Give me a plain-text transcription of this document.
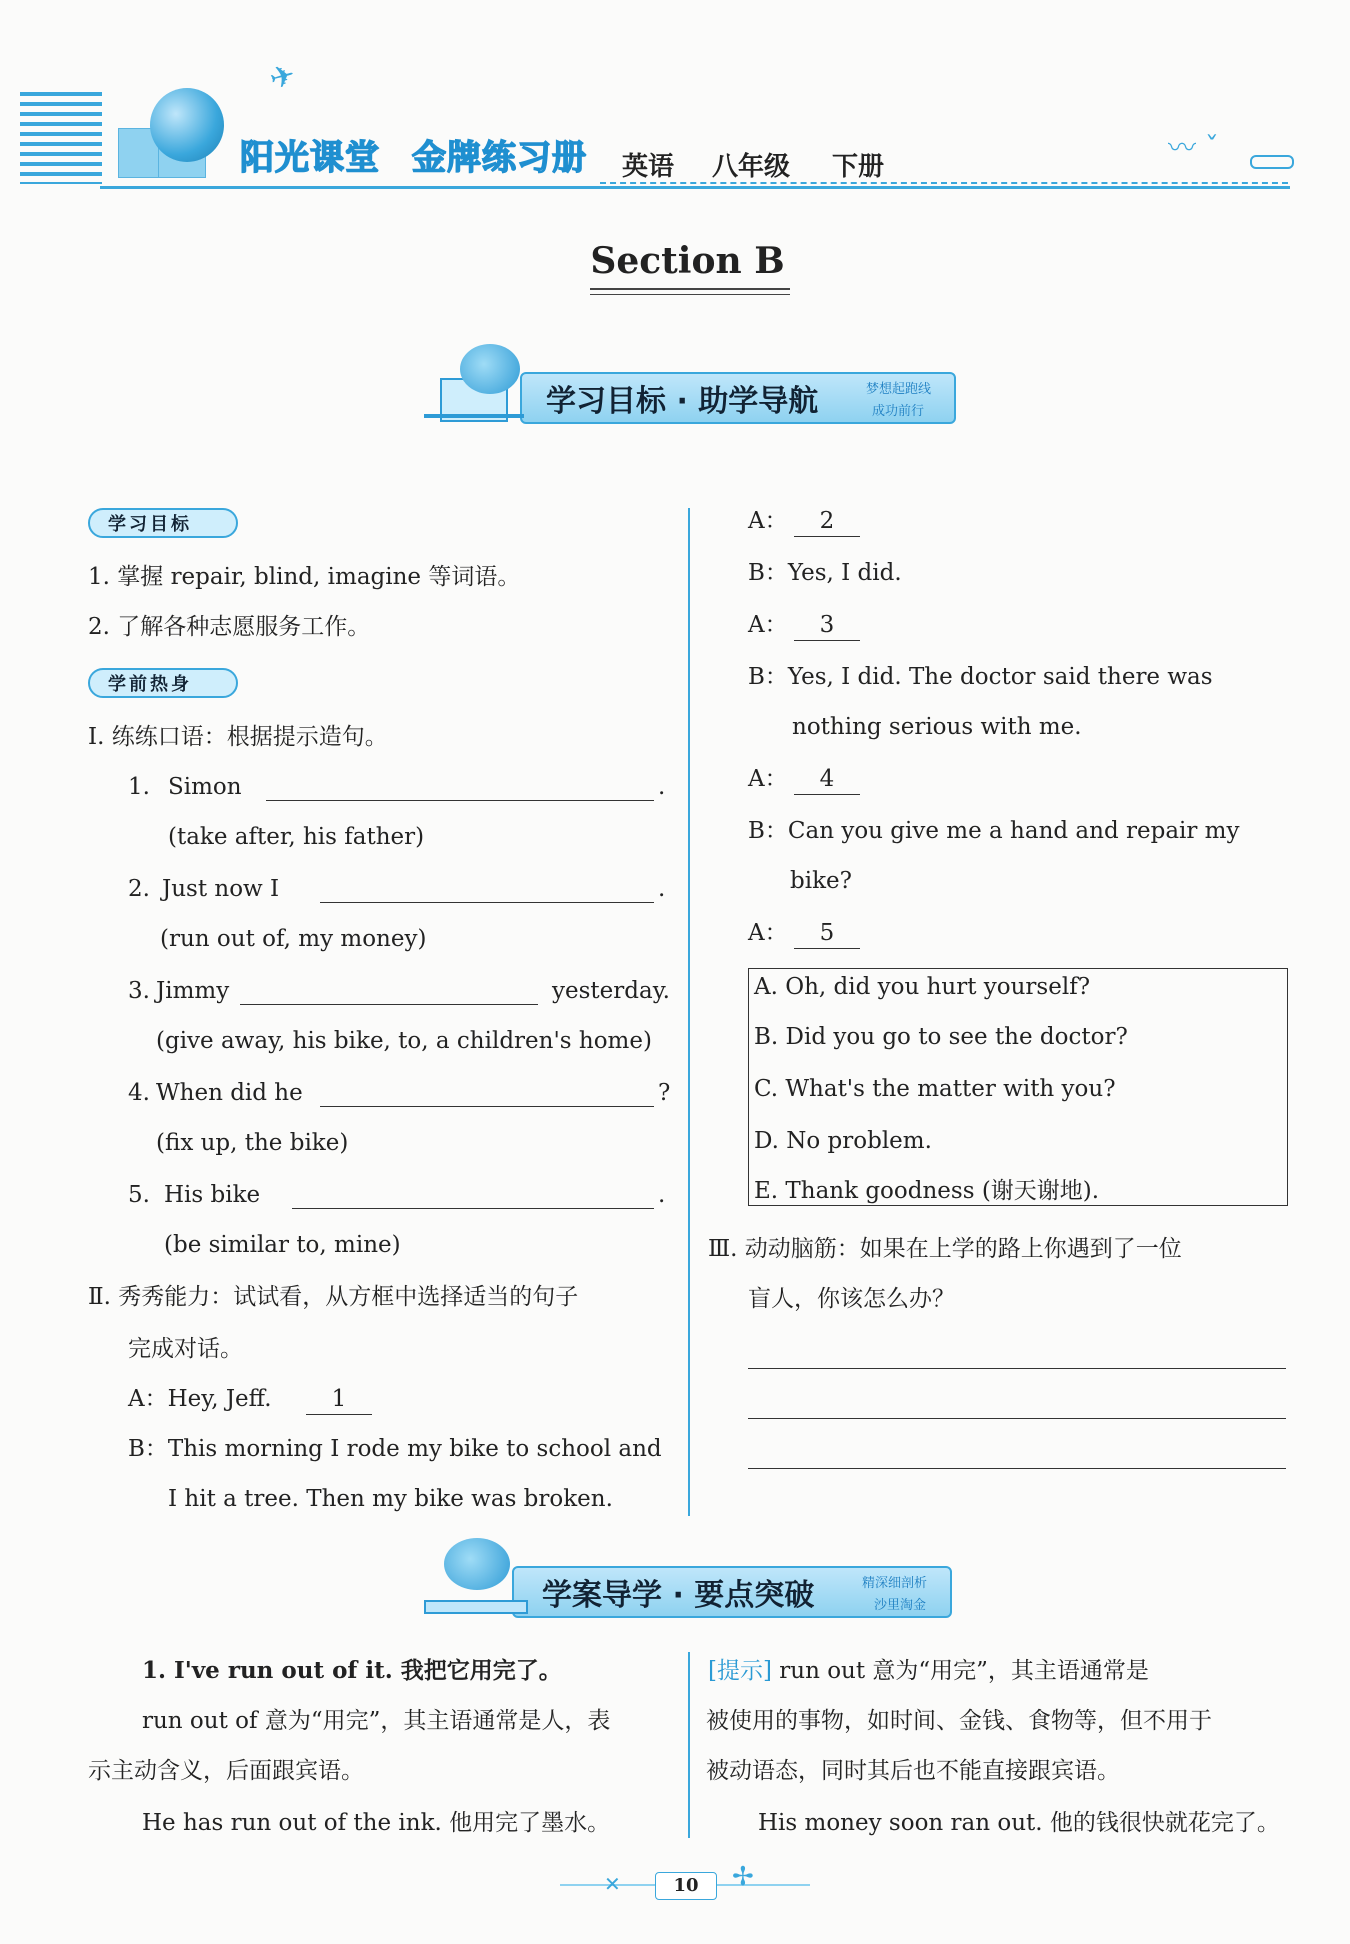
✈
阳光课堂 金牌练习册 英语 八年级 下册
〰 ˇ
Section B
学习目标 · 助学导航	梦想起跑线
成功前行
学习目标
1. 掌握 repair, blind, imagine 等词语。
2. 了解各种志愿服务工作。
学前热身
Ⅰ. 练练口语：根据提示造句。
1. Simon	.
(take after, his father)
2. Just now I	.
(run out of, my money)
3. Jimmy	yesterday.
(give away, his bike, to, a children's home)
4. When did he	?
(fix up, the bike)
5. His bike	.
(be similar to, mine)
Ⅱ. 秀秀能力：试试看，从方框中选择适当的句子
完成对话。
A：Hey, Jeff.	1
B：This morning I rode my bike to school and
I hit a tree. Then my bike was broken.
A：	2
B：Yes, I did.
A：	3
B：Yes, I did. The doctor said there was
nothing serious with me.
A：	4
B：Can you give me a hand and repair my
bike?
A：	5
A. Oh, did you hurt yourself?
B. Did you go to see the doctor?
C. What's the matter with you?
D. No problem.
E. Thank goodness (谢天谢地).
Ⅲ. 动动脑筋：如果在上学的路上你遇到了一位
盲人，你该怎么办？
学案导学 · 要点突破	精深细剖析
沙里淘金
1. I've run out of it. 我把它用完了。
run out of 意为“用完”，其主语通常是人，表
示主动含义，后面跟宾语。
He has run out of the ink. 他用完了墨水。
[提示] run out 意为“用完”，其主语通常是
被使用的事物，如时间、金钱、食物等，但不用于
被动语态，同时其后也不能直接跟宾语。
His money soon ran out. 他的钱很快就花完了。
✕	✢
10
